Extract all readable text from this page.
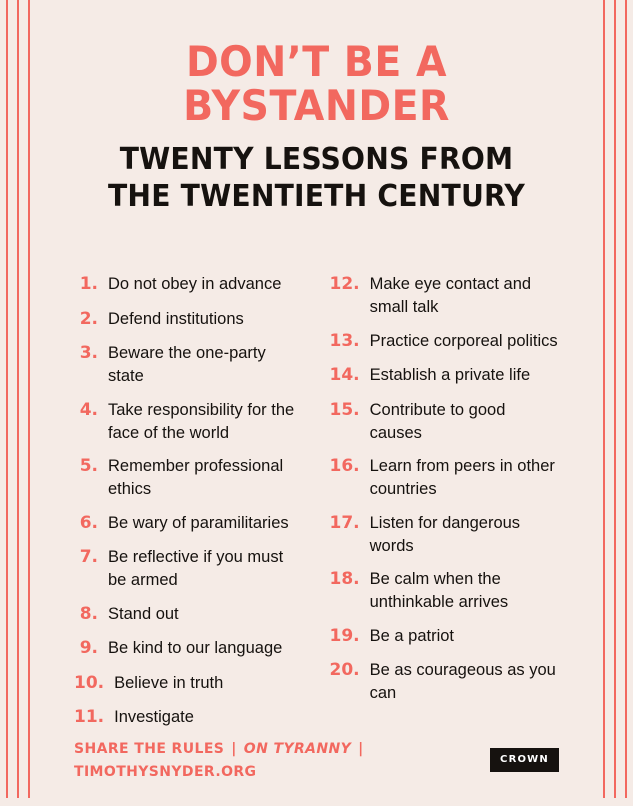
DON’T BE A BYSTANDER
TWENTY LESSONS FROM
THE TWENTIETH CENTURY
1. Do not obey in advance
2. Defend institutions
3. Beware the one-party state
4. Take responsibility for the face of the world
5. Remember professional ethics
6. Be wary of paramilitaries
7. Be reflective if you must be armed
8. Stand out
9. Be kind to our language
10. Believe in truth
11. Investigate
12. Make eye contact and small talk
13. Practice corporeal politics
14. Establish a private life
15. Contribute to good causes
16. Learn from peers in other countries
17. Listen for dangerous words
18. Be calm when the unthinkable arrives
19. Be a patriot
20. Be as courageous as you can
SHARE THE RULES | ON TYRANNY |
TIMOTHYSNYDER.ORG
CROWN
